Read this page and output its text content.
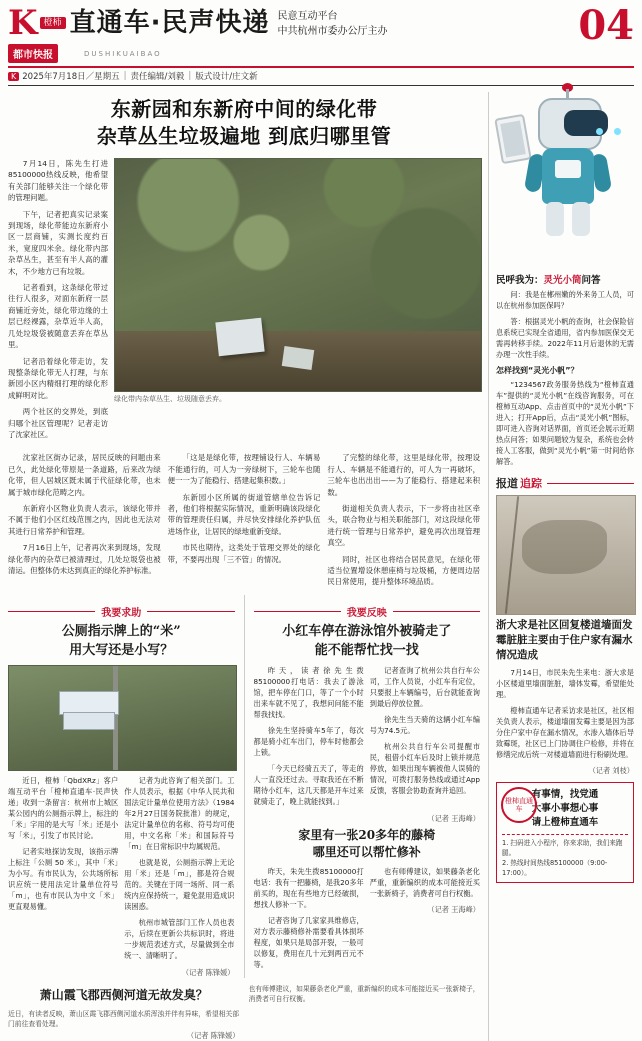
K 橙柿 直通车·民声快递 民意互动平台
中共杭州市委办公厅主办
都市快报	DUSHIKUAIBAO
04
K 2025年7月18日／星期五 | 责任编辑/刘毅 | 版式设计/庄文新
东新园和东新府中间的绿化带
杂草丛生垃圾遍地 到底归哪里管

7月14日，陈先生打进85100000热线反映，他希望有关部门能够关注一个绿化带的管理问题。

下午，记者把真实记录案到现场，绿化带能边东新府小区一层商铺，实测长度约百米，宽度四米余。绿化带内部杂草丛生，甚至有半人高的灌木，不少地方已有垃圾。

记者看到，这条绿化带过往行人很多，对面东新府一层商铺近旁处，绿化带边缘的土层已经裸露，杂草近半人高，几处垃圾袋被随意丢弃在草丛里。

记者沿着绿化带走访，发现整条绿化带无人打理，与东新园小区内精细打理的绿化形成鲜明对比。

两个社区的交界处，到底归哪个社区管理呢？记者走访了沈家社区。

绿化带内杂草丛生、垃圾随意丢弃。

沈家社区街办记录，居民反映的问题由来已久，此处绿化带原是一条道路，后来改为绿化带，但人居城区既未属于代征绿化带，也未属于城市绿化范畴之内。

东新府小区物业负责人表示，该绿化带并不属于他们小区红线范围之内，因此也无法对其进行日常养护和管理。

7月16日上午，记者再次来到现场，发现绿化带内的杂草已被清理过，几处垃圾袋也被清运。但整体仍未达到真正的绿化养护标准。

「这是是绿化带，按理铺设行人、车辆易不能通行的，可人为一旁绿树下，三轮车也随便一一为了能稳行、搭建起集积数。」

东新园小区所属的街道管辖单位告诉记者，他们将根据实际情况，重新明确该段绿化带的管理责任归属，并尽快安排绿化养护队伍进场作业，让居民的绿地重新变绿。

市民也期待，这类处于管理交界处的绿化带，不要再出现「三不管」的情况。

了完整的绿化带，这里是绿化带，按理设行人、车辆是不能通行的，可人为一再破坏，三轮车也出出出——为了能稳行、搭建起来积数。

街道相关负责人表示，下一步将由社区牵头，联合物业与相关职能部门，对这段绿化带进行统一管理与日常养护，避免再次出现管理真空。

同时，社区也将结合居民意见，在绿化带适当位置增设休憩座椅与垃圾桶，方便周边居民日常使用，提升整体环境品质。

我要求助
公厕指示牌上的“米”
用大写还是小写？

近日，橙柿「QbdXRz」客户端互动平台「橙柿直通车·民声快递」收到一条留言：杭州市上城区某公园内的公厕指示牌上，标注的「米」字用的是大写「米」还是小写「米」，引发了市民讨论。

记者实地探访发现，该指示牌上标注「公厕 50 米」，其中「米」为小写。有市民认为，公共场所标识应统一使用法定计量单位符号「m」，也有市民认为中文「米」更直观易懂。

记者为此咨询了相关部门。工作人员表示，根据《中华人民共和国法定计量单位使用方法》（1984年2月27日国务院批准）的规定，法定计量单位的名称、符号均可使用，中文名称「米」和国际符号「m」在日常标识中均属规范。

也就是说，公厕指示牌上无论用「米」还是「m」，都是符合规范的。关键在于同一场所、同一系统内应保持统一，避免混用造成识读困惑。

杭州市城管部门工作人员也表示，后续在更新公共标识时，将进一步规范表述方式，尽量做到全市统一、清晰明了。

（记者 陈锋媛）
我要反映
小红车停在游泳馆外被骑走了
能不能帮忙找一找

昨天，读者徐先生拨85100000打电话：我去了游泳馆，把车停在门口，等了一个小时出来车就不见了，我想问问能不能帮我找找。

徐先生坚持骑车5年了，每次都是骑小红车出门，停车时他都会上锁。

「今天已经骑五天了，等走的人一直没还过去。寻取我还在不断期待小红车，这几天都是开车过来就骑走了，晚上就能找到。」

记者查询了杭州公共自行车公司，工作人员说，小红车有定位，只要报上车辆编号，后台就能查询到最后停放位置。

徐先生当天骑的这辆小红车编号为74.5元。

杭州公共自行车公司提醒市民，租借小红车后及时上锁并规范停放，如果出现车辆被他人误骑的情况，可拨打服务热线或通过App反馈，客服会协助查询并追回。

（记者 王海峰）
家里有一张20多年的藤椅
哪里还可以帮忙修补

昨天，朱先生拨85100000打电话：我有一把藤椅，是我20多年前买的，现在有些地方已经破损，想找人修补一下。

记者咨询了几家家具维修店，对方表示藤椅修补需要看具体损坏程度，如果只是局部开裂，一般可以修复，费用在几十元到两百元不等。

也有师傅建议，如果藤条老化严重，重新编织的成本可能接近买一张新椅子，消费者可自行权衡。

（记者 王海峰）
萧山霞飞郡西侧河道无故发臭？
近日，有读者反映，萧山区霞飞郡西侧河道水质浑浊并伴有异味，希望相关部门前往查看处理。
（记者 陈锋媛）
也有师傅建议，如果藤条老化严重，重新编织的成本可能接近买一张新椅子，消费者可自行权衡。
民呼我为：灵光小筒问答

问：我是在郴州嫩的外来务工人员，可以在杭州参加医保吗？

答：根据灵光小帆的查询，社会保险信息系统已实现全省通用，省内参加医保交无需再转移手续。2022年11月后退休的无需办理一次性手续。

怎样找到“灵光小帆”？

“1234567政务服务热线为“橙柿直通车”提供的“灵光小帆”在线咨询服务，可在橙柿互动App、点击首页中的“灵光小帆”下进入；打开App后，点击“灵光小帆”图标，即可进入咨询对话界面，首页还会展示近期热点问答；如果问题较为复杂，系统也会转接人工客服，做到“灵光小帆”第一时间给你解答。

报道 追踪
浙大求是社区回复楼道墙面发霉脏脏主要由于住户家有漏水情况造成

7月14日，市民朱先生来电：浙大求是小区楼道里墙面脏脏，墙体发霉，希望能处理。

橙柿直通车记者采访求是社区，社区相关负责人表示，楼道墙面发霉主要是因为部分住户家中存在漏水情况，水渗入墙体后导致霉斑，社区已上门协调住户检修，并将在修缮完成后统一对楼道墙面进行粉刷处理。

（记者 刘枝）
橙柿直通车
有事情，找党通
大事小事想心事
请上橙柿直通车
1. 扫码进入小程序，你来求助，我们来跑腿。
2. 热线时间热线85100000（9:00-17:00）。
